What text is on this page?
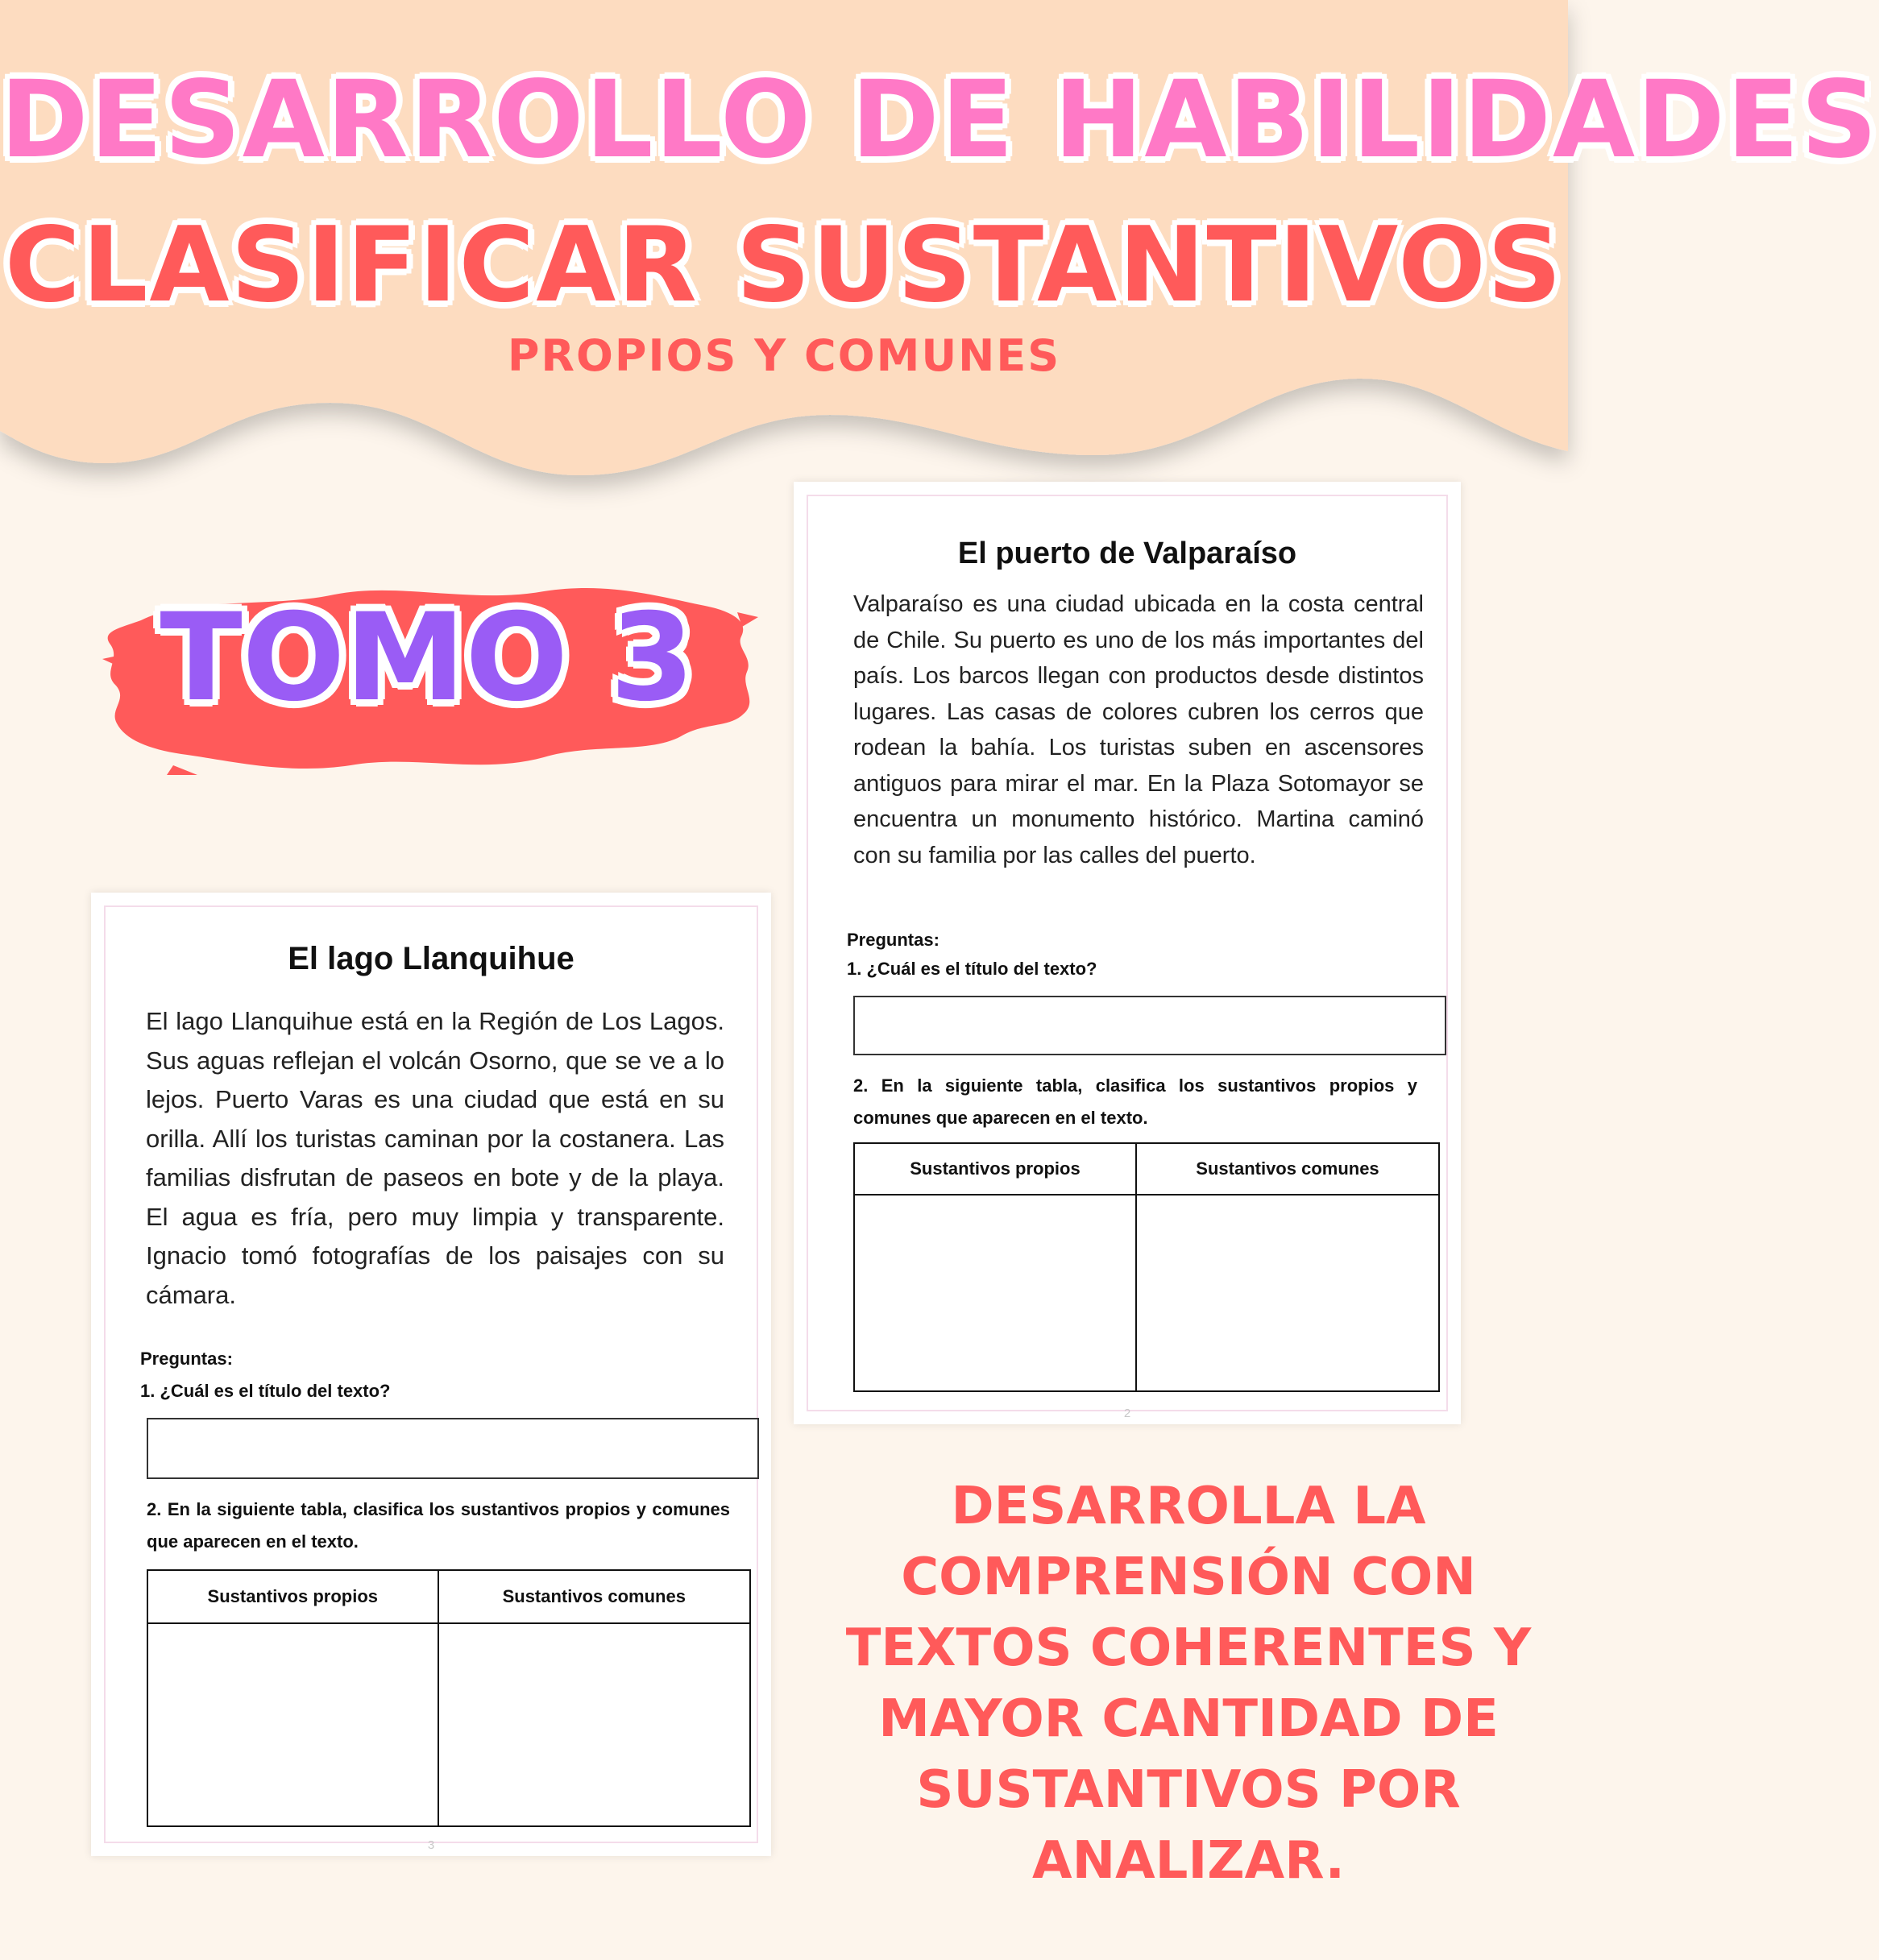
DESARROLLO DE HABILIDADES
CLASIFICAR SUSTANTIVOS
PROPIOS Y COMUNES
TOMO 3
El puerto de Valparaíso
Valparaíso es una ciudad ubicada en la costa central de Chile. Su puerto es uno de los más importantes del país. Los barcos llegan con productos desde distintos lugares. Las casas de colores cubren los cerros que rodean la bahía. Los turistas suben en ascensores antiguos para mirar el mar. En la Plaza Sotomayor se encuentra un monumento histórico. Martina caminó con su familia por las calles del puerto.
Preguntas:
1. ¿Cuál es el título del texto?
2. En la siguiente tabla, clasifica los sustantivos propios y comunes que aparecen en el texto.
Sustantivos propios	Sustantivos comunes

2
El lago Llanquihue
El lago Llanquihue está en la Región de Los Lagos. Sus aguas reflejan el volcán Osorno, que se ve a lo lejos. Puerto Varas es una ciudad que está en su orilla. Allí los turistas caminan por la costanera. Las familias disfrutan de paseos en bote y de la playa. El agua es fría, pero muy limpia y transparente. Ignacio tomó fotografías de los paisajes con su cámara.
Preguntas:
1. ¿Cuál es el título del texto?
2. En la siguiente tabla, clasifica los sustantivos propios y comunes que aparecen en el texto.
Sustantivos propios	Sustantivos comunes

3
DESARROLLA LA
COMPRENSIÓN CON
TEXTOS COHERENTES Y
MAYOR CANTIDAD DE
SUSTANTIVOS POR
ANALIZAR.
